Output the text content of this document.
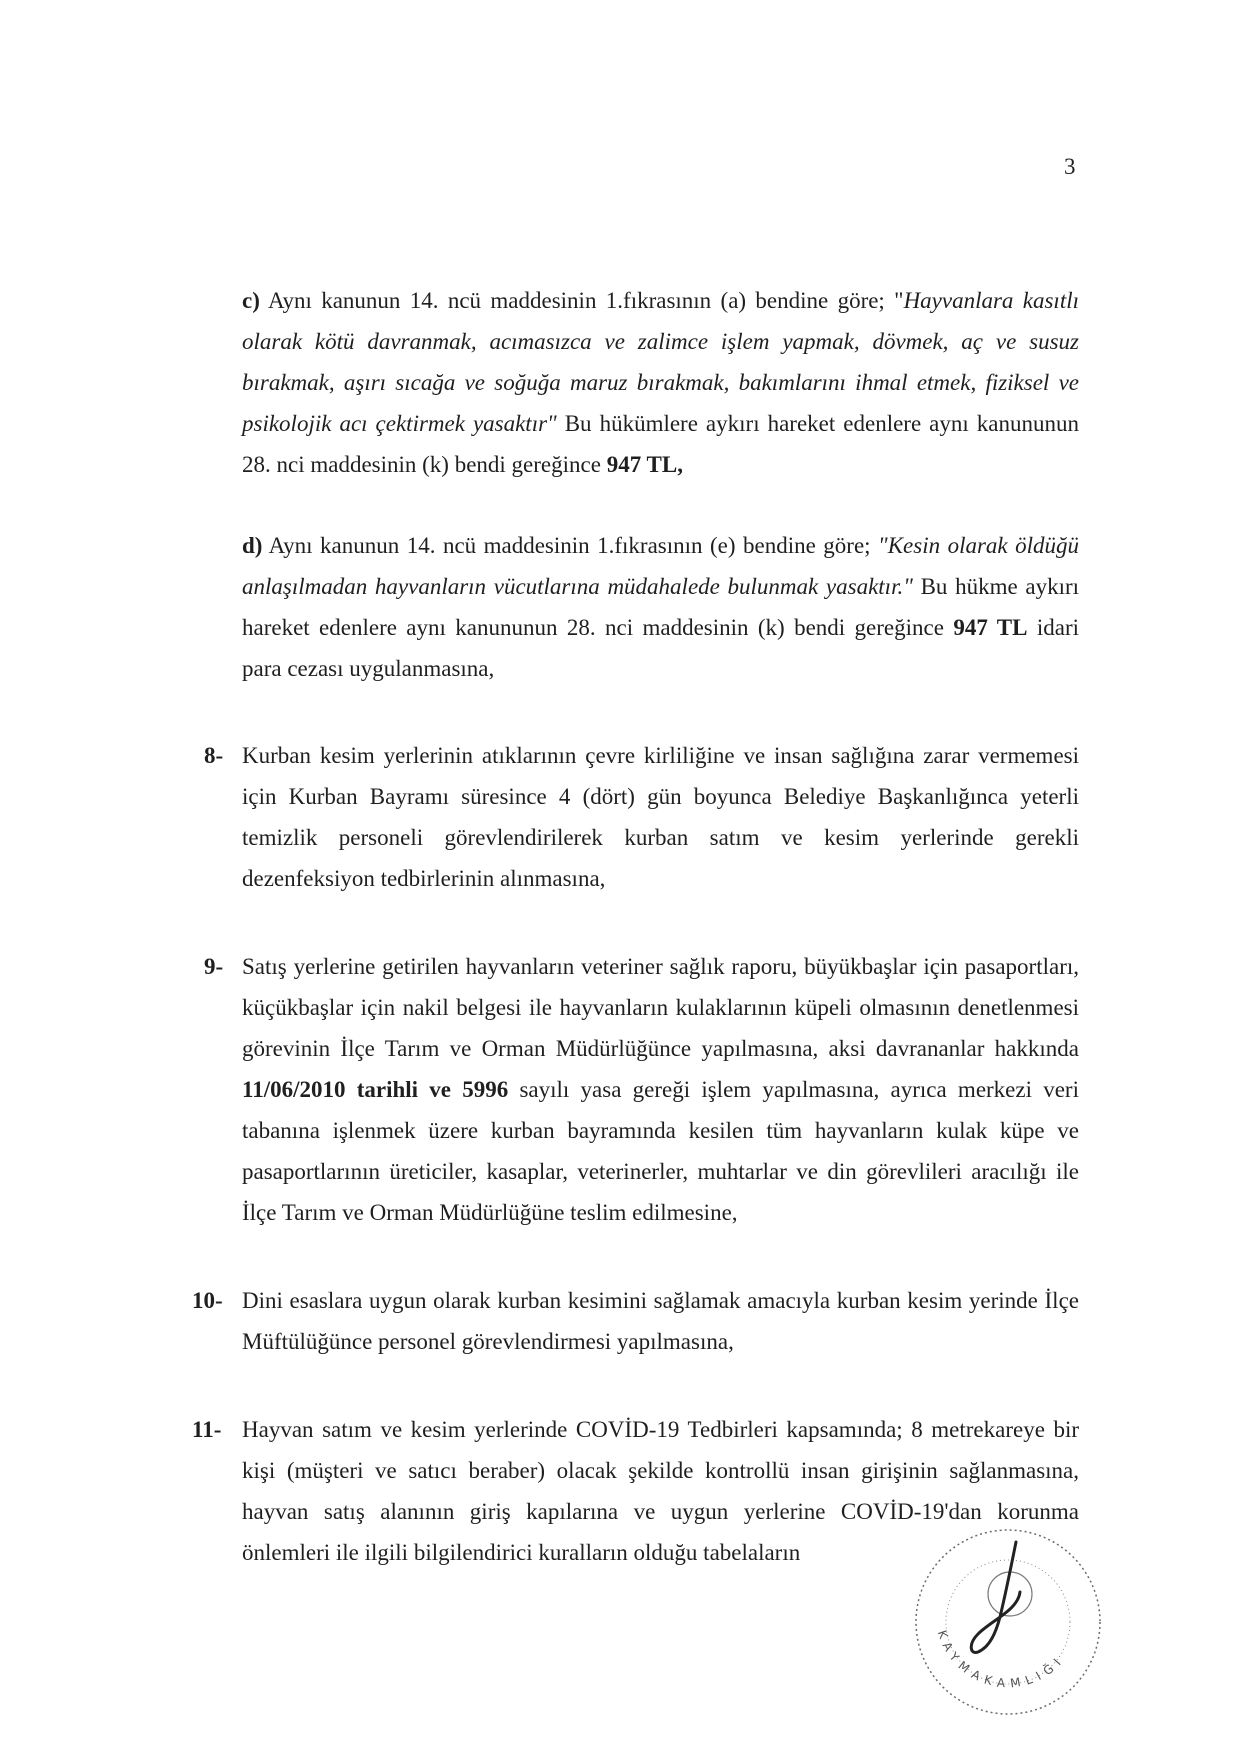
3

c) Aynı kanunun 14. ncü maddesinin 1.fıkrasının (a) bendine göre; "Hayvanlara kasıtlı olarak kötü davranmak, acımasızca ve zalimce işlem yapmak, dövmek, aç ve susuz bırakmak, aşırı sıcağa ve soğuğa maruz bırakmak, bakımlarını ihmal etmek, fiziksel ve psikolojik acı çektirmek yasaktır" Bu hükümlere aykırı hareket edenlere aynı kanununun 28. nci maddesinin (k) bendi gereğince 947 TL,

d) Aynı kanunun 14. ncü maddesinin 1.fıkrasının (e) bendine göre; "Kesin olarak öldüğü anlaşılmadan hayvanların vücutlarına müdahalede bulunmak yasaktır." Bu hükme aykırı hareket edenlere aynı kanununun 28. nci maddesinin (k) bendi gereğince 947 TL idari para cezası uygulanmasına,

8- Kurban kesim yerlerinin atıklarının çevre kirliliğine ve insan sağlığına zarar vermemesi için Kurban Bayramı süresince 4 (dört) gün boyunca Belediye Başkanlığınca yeterli temizlik personeli görevlendirilerek kurban satım ve kesim yerlerinde gerekli dezenfeksiyon tedbirlerinin alınmasına,

9- Satış yerlerine getirilen hayvanların veteriner sağlık raporu, büyükbaşlar için pasaportları, küçükbaşlar için nakil belgesi ile hayvanların kulaklarının küpeli olmasının denetlenmesi görevinin İlçe Tarım ve Orman Müdürlüğünce yapılmasına, aksi davrananlar hakkında 11/06/2010 tarihli ve 5996 sayılı yasa gereği işlem yapılmasına, ayrıca merkezi veri tabanına işlenmek üzere kurban bayramında kesilen tüm hayvanların kulak küpe ve pasaportlarının üreticiler, kasaplar, veterinerler, muhtarlar ve din görevlileri aracılığı ile İlçe Tarım ve Orman Müdürlüğüne teslim edilmesine,

10- Dini esaslara uygun olarak kurban kesimini sağlamak amacıyla kurban kesim yerinde İlçe Müftülüğünce personel görevlendirmesi yapılmasına,

11- Hayvan satım ve kesim yerlerinde COVİD-19 Tedbirleri kapsamında; 8 metrekareye bir kişi (müşteri ve satıcı beraber) olacak şekilde kontrollü insan girişinin sağlanmasına, hayvan satış alanının giriş kapılarına ve uygun yerlerine COVİD-19'dan korunma önlemleri ile ilgili bilgilendirici kuralların olduğu tabelaların

KAYMAKAMLIĞI
